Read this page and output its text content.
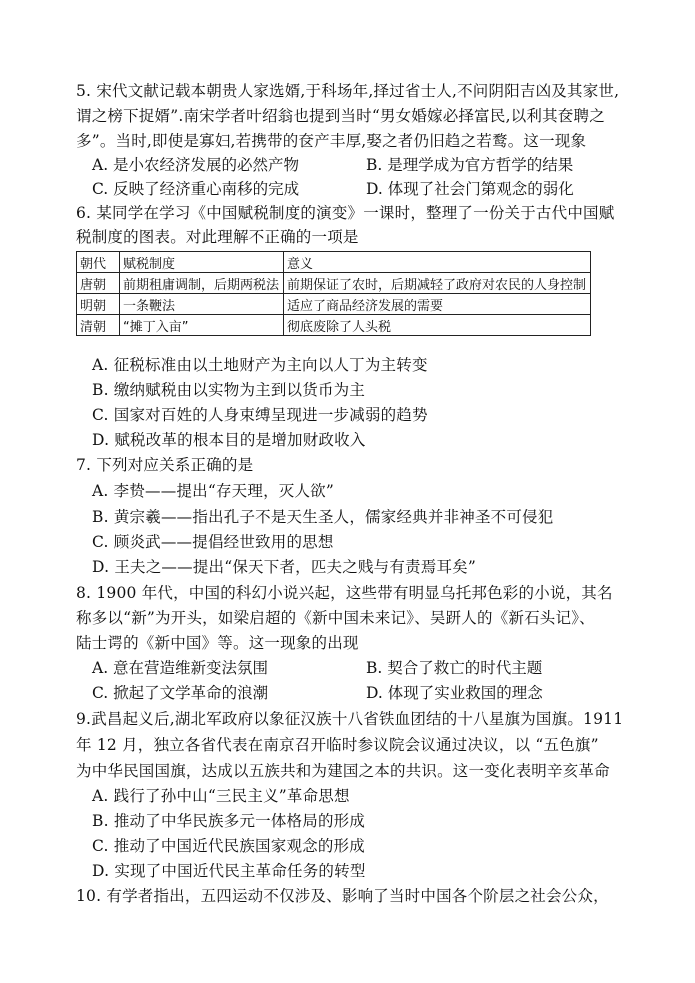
5. 宋代文献记载本朝贵人家选婿,于科场年,择过省士人,不问阴阳吉凶及其家世,
谓之榜下捉婿”.南宋学者叶绍翁也提到当时“男女婚嫁必择富民,以利其奁聘之
多”。当时,即使是寡妇,若携带的奁产丰厚,娶之者仍旧趋之若鹜。这一现象
A. 是小农经济发展的必然产物	B. 是理学成为官方哲学的结果
C. 反映了经济重心南移的完成	D. 体现了社会门第观念的弱化
6. 某同学在学习《中国赋税制度的演变》一课时，整理了一份关于古代中国赋
税制度的图表。对此理解不正确的一项是
朝代	赋税制度	意义
唐朝	前期租庸调制，后期两税法	前期保证了农时，后期减轻了政府对农民的人身控制
明朝	一条鞭法	适应了商品经济发展的需要
清朝	“摊丁入亩”	彻底废除了人头税
A. 征税标准由以土地财产为主向以人丁为主转变
B. 缴纳赋税由以实物为主到以货币为主
C. 国家对百姓的人身束缚呈现进一步减弱的趋势
D. 赋税改革的根本目的是增加财政收入
7. 下列对应关系正确的是
A. 李贽——提出“存天理，灭人欲”
B. 黄宗羲——指出孔子不是天生圣人，儒家经典并非神圣不可侵犯
C. 顾炎武——提倡经世致用的思想
D. 王夫之——提出“保天下者，匹夫之贱与有责焉耳矣”
8. 1900 年代，中国的科幻小说兴起，这些带有明显乌托邦色彩的小说，其名
称多以“新”为开头，如梁启超的《新中国未来记》、吴趼人的《新石头记》、
陆士谔的《新中国》等。这一现象的出现
A. 意在营造维新变法氛围	B. 契合了救亡的时代主题
C. 掀起了文学革命的浪潮	D. 体现了实业救国的理念
9.武昌起义后,湖北军政府以象征汉族十八省铁血团结的十八星旗为国旗。1911
年 12 月，独立各省代表在南京召开临时参议院会议通过决议，以 “五色旗”
为中华民国国旗，达成以五族共和为建国之本的共识。这一变化表明辛亥革命
A. 践行了孙中山“三民主义”革命思想
B. 推动了中华民族多元一体格局的形成
C. 推动了中国近代民族国家观念的形成
D. 实现了中国近代民主革命任务的转型
10. 有学者指出，五四运动不仅涉及、影响了当时中国各个阶层之社会公众，
